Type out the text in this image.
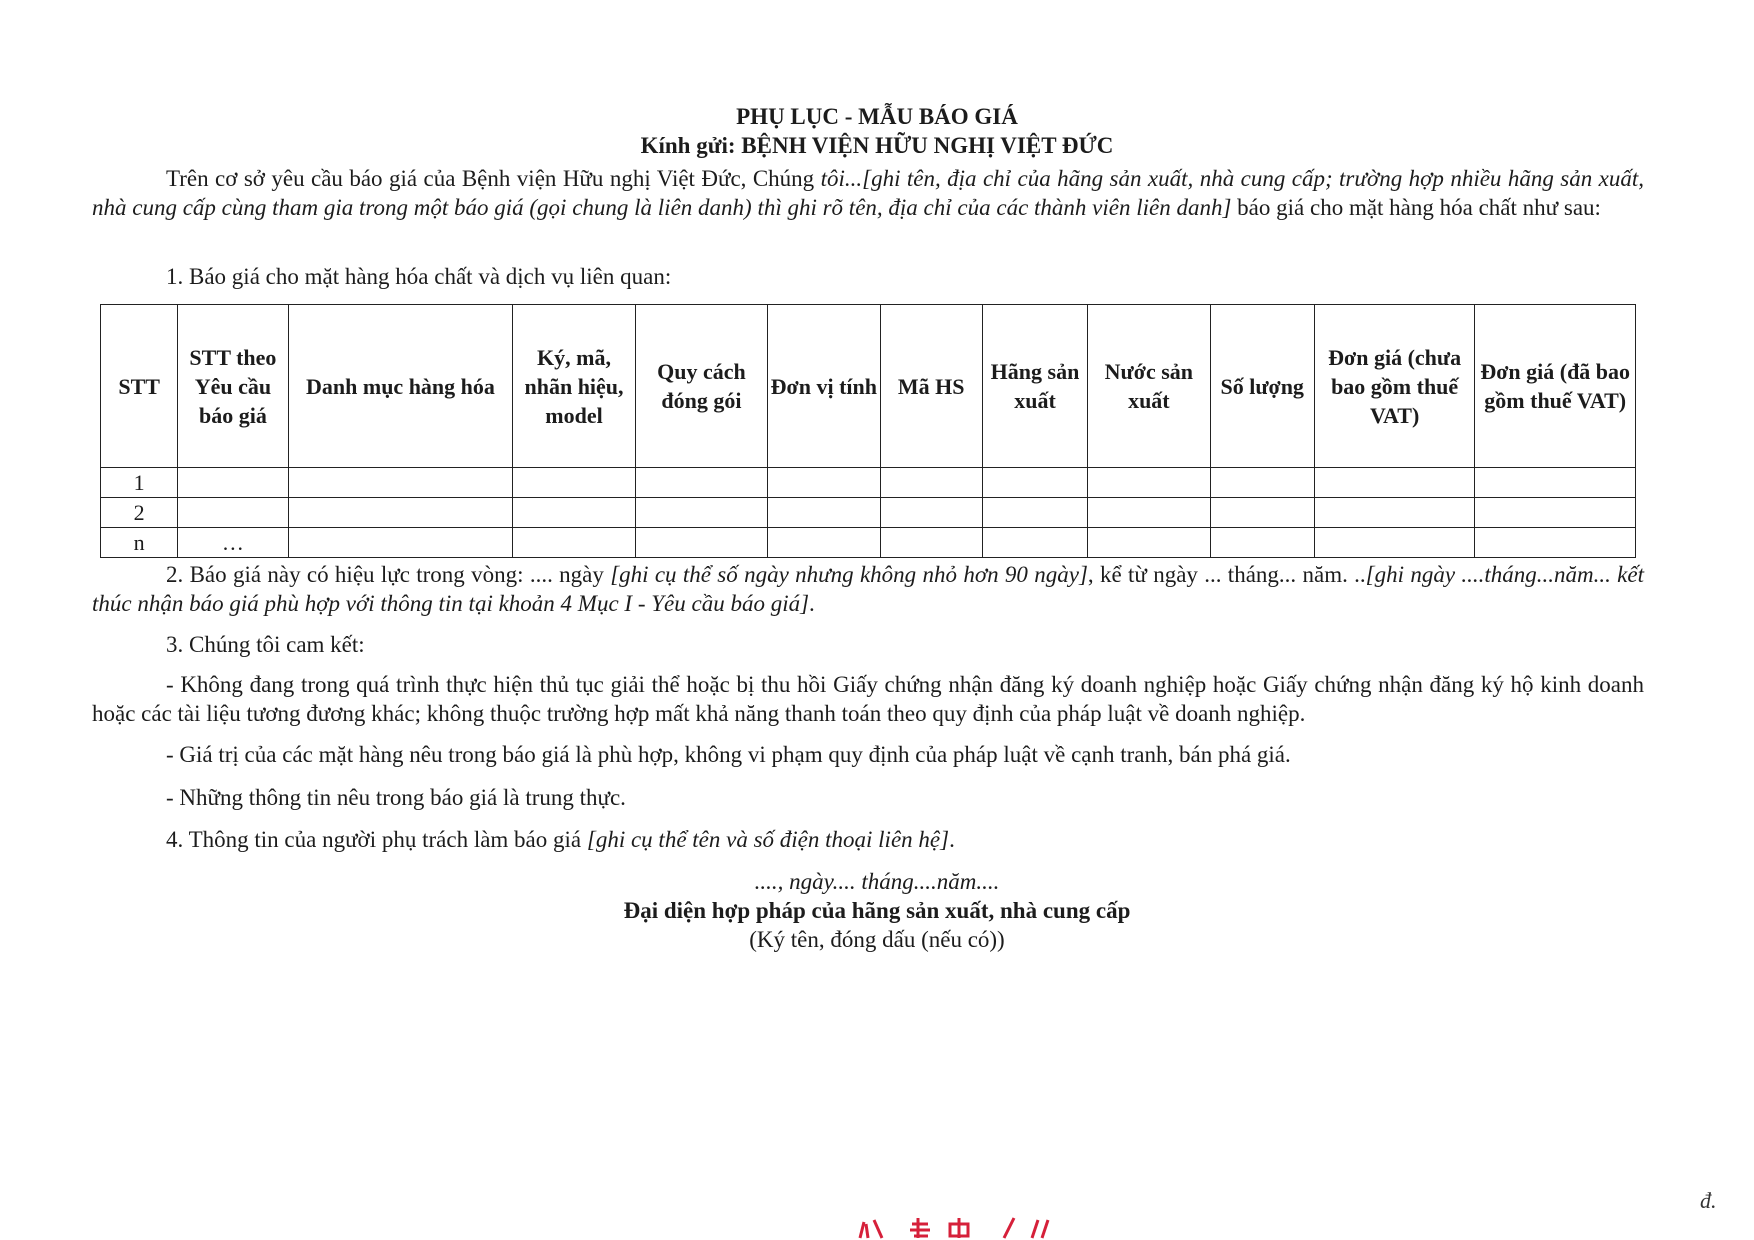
PHỤ LỤC - MẪU BÁO GIÁ
Kính gửi: BỆNH VIỆN HỮU NGHỊ VIỆT ĐỨC
Trên cơ sở yêu cầu báo giá của Bệnh viện Hữu nghị Việt Đức, Chúng tôi...[ghi tên, địa chỉ của hãng sản xuất, nhà cung cấp; trường hợp nhiều hãng sản xuất, nhà cung cấp cùng tham gia trong một báo giá (gọi chung là liên danh) thì ghi rõ tên, địa chỉ của các thành viên liên danh] báo giá cho mặt hàng hóa chất như sau:
1. Báo giá cho mặt hàng hóa chất và dịch vụ liên quan:
STT	STT theo Yêu cầu báo giá	Danh mục hàng hóa	Ký, mã, nhãn hiệu, model	Quy cách đóng gói	Đơn vị tính	Mã HS	Hãng sản xuất	Nước sản xuất	Số lượng	Đơn giá (chưa bao gồm thuế VAT)	Đơn giá (đã bao gồm thuế VAT)
1											
2											
n	…										
2. Báo giá này có hiệu lực trong vòng: .... ngày [ghi cụ thể số ngày nhưng không nhỏ hơn 90 ngày], kể từ ngày ... tháng... năm. ..[ghi ngày ....tháng...năm... kết thúc nhận báo giá phù hợp với thông tin tại khoản 4 Mục I - Yêu cầu báo giá].
3. Chúng tôi cam kết:
- Không đang trong quá trình thực hiện thủ tục giải thể hoặc bị thu hồi Giấy chứng nhận đăng ký doanh nghiệp hoặc Giấy chứng nhận đăng ký hộ kinh doanh hoặc các tài liệu tương đương khác; không thuộc trường hợp mất khả năng thanh toán theo quy định của pháp luật về doanh nghiệp.
- Giá trị của các mặt hàng nêu trong báo giá là phù hợp, không vi phạm quy định của pháp luật về cạnh tranh, bán phá giá.
- Những thông tin nêu trong báo giá là trung thực.
4. Thông tin của người phụ trách làm báo giá [ghi cụ thể tên và số điện thoại liên hệ].
...., ngày.... tháng....năm....
Đại diện hợp pháp của hãng sản xuất, nhà cung cấp
(Ký tên, đóng dấu (nếu có))
đ.
